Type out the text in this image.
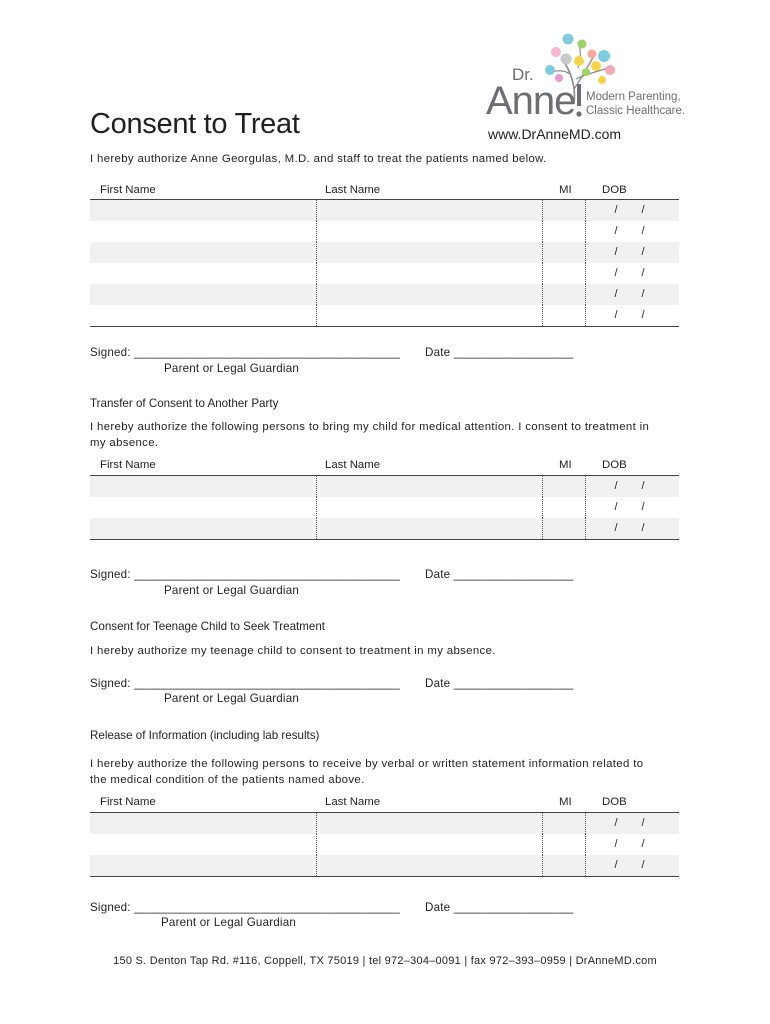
Consent to Treat
Dr.
Anne Modern Parenting,
Classic Healthcare.
www.DrAnneMD.com
I hereby authorize Anne Georgulas, M.D. and staff to treat the patients named below.
First Name	Last Name	MI	DOB

			/ /

			/ /

			/ /

			/ /

			/ /

			/ /
Signed: ________________________________________ Date __________________
Parent or Legal Guardian
Transfer of Consent to Another Party
I hereby authorize the following persons to bring my child for medical attention. I consent to treatment in
my absence.
First Name	Last Name	MI	DOB

			/ /

			/ /

			/ /
Signed: ________________________________________ Date __________________
Parent or Legal Guardian
Consent for Teenage Child to Seek Treatment
I hereby authorize my teenage child to consent to treatment in my absence.
Signed: ________________________________________ Date __________________
Parent or Legal Guardian
Release of Information (including lab results)
I hereby authorize the following persons to receive by verbal or written statement information related to
the medical condition of the patients named above.
First Name	Last Name	MI	DOB

			/ /

			/ /

			/ /
Signed: ________________________________________ Date __________________
Parent or Legal Guardian
150 S. Denton Tap Rd. #116, Coppell, TX 75019 | tel 972–304–0091 | fax 972–393–0959 | DrAnneMD.com
